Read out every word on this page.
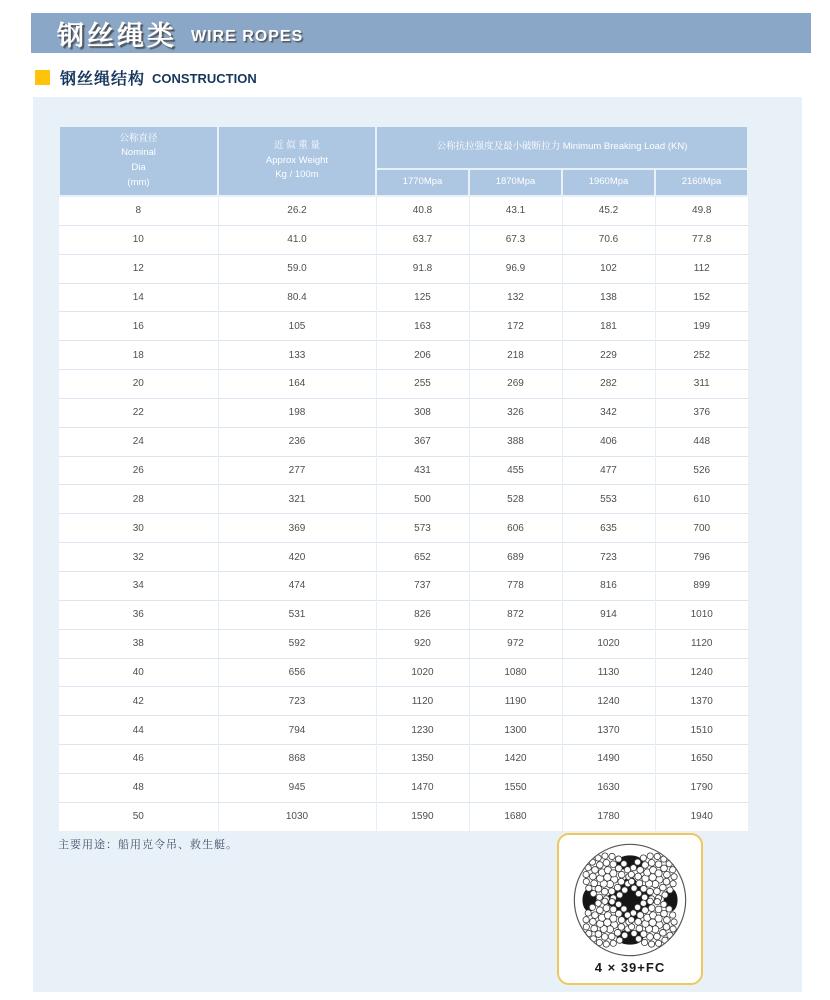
钢丝绳类 WIRE ROPES
钢丝绳结构 CONSTRUCTION
公称直径
Nominal
Dia
(mm)	近 似 重 量
Approx Weight
Kg / 100m	公称抗拉强度及最小破断拉力 Minimum Breaking Load (KN)			
		1770Mpa	1870Mpa	1960Mpa	2160Mpa
8	26.2	40.8	43.1	45.2	49.8
10	41.0	63.7	67.3	70.6	77.8
12	59.0	91.8	96.9	102	112
14	80.4	125	132	138	152
16	105	163	172	181	199
18	133	206	218	229	252
20	164	255	269	282	311
22	198	308	326	342	376
24	236	367	388	406	448
26	277	431	455	477	526
28	321	500	528	553	610
30	369	573	606	635	700
32	420	652	689	723	796
34	474	737	778	816	899
36	531	826	872	914	1010
38	592	920	972	1020	1120
40	656	1020	1080	1130	1240
42	723	1120	1190	1240	1370
44	794	1230	1300	1370	1510
46	868	1350	1420	1490	1650
48	945	1470	1550	1630	1790
50	1030	1590	1680	1780	1940
主要用途：船用克令吊、救生艇。
4 × 39+FC
